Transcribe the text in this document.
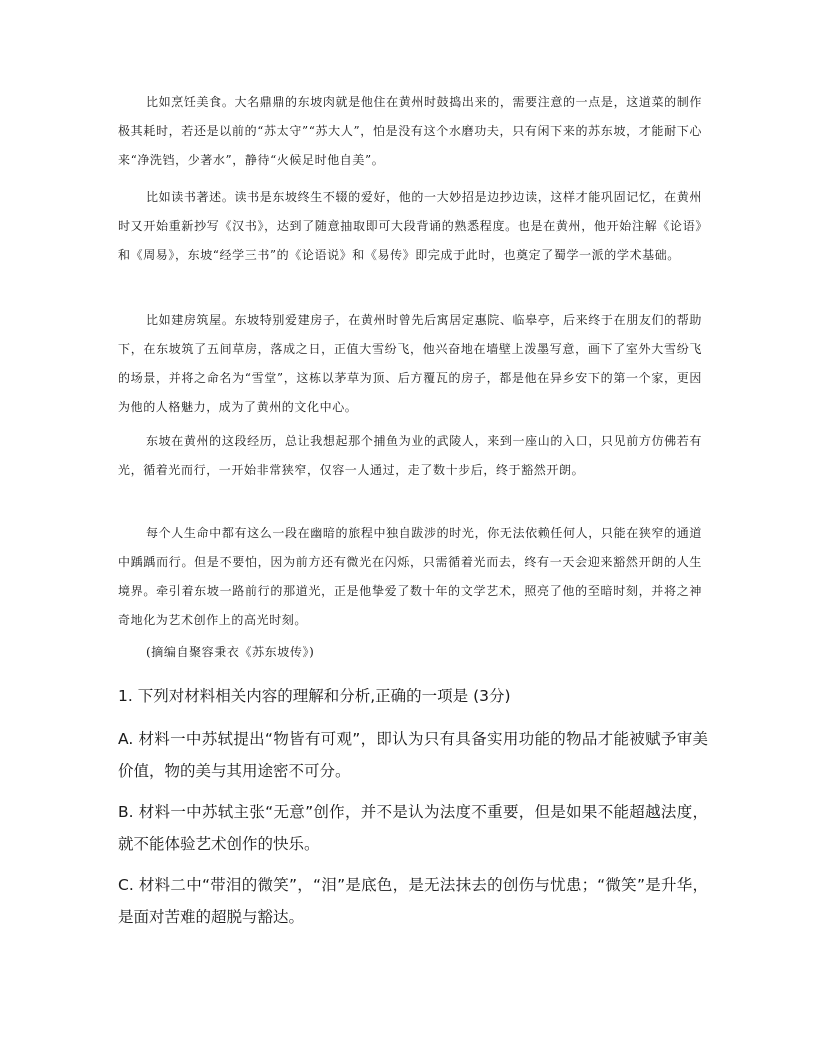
比如烹饪美食。大名鼎鼎的东坡肉就是他住在黄州时鼓捣出来的，需要注意的一点是，这道菜的制作极其耗时，若还是以前的“苏太守”“苏大人”，怕是没有这个水磨功夫，只有闲下来的苏东坡，才能耐下心来“净洗铛，少著水”，静待“火候足时他自美”。

比如读书著述。读书是东坡终生不辍的爱好，他的一大妙招是边抄边读，这样才能巩固记忆，在黄州时又开始重新抄写《汉书》，达到了随意抽取即可大段背诵的熟悉程度。也是在黄州，他开始注解《论语》和《周易》，东坡“经学三书”的《论语说》和《易传》即完成于此时，也奠定了蜀学一派的学术基础。

比如建房筑屋。东坡特别爱建房子，在黄州时曾先后寓居定惠院、临皋亭，后来终于在朋友们的帮助下，在东坡筑了五间草房，落成之日，正值大雪纷飞，他兴奋地在墙壁上泼墨写意，画下了室外大雪纷飞的场景，并将之命名为“雪堂”，这栋以茅草为顶、后方覆瓦的房子，都是他在异乡安下的第一个家，更因为他的人格魅力，成为了黄州的文化中心。

东坡在黄州的这段经历，总让我想起那个捕鱼为业的武陵人，来到一座山的入口，只见前方仿佛若有光，循着光而行，一开始非常狭窄，仅容一人通过，走了数十步后，终于豁然开朗。

每个人生命中都有这么一段在幽暗的旅程中独自跋涉的时光，你无法依赖任何人，只能在狭窄的通道中踽踽而行。但是不要怕，因为前方还有微光在闪烁，只需循着光而去，终有一天会迎来豁然开朗的人生境界。牵引着东坡一路前行的那道光，正是他挚爱了数十年的文学艺术，照亮了他的至暗时刻，并将之神奇地化为艺术创作上的高光时刻。

(摘编自聚容秉衣《苏东坡传》)

1. 下列对材料相关内容的理解和分析,正确的一项是 (3分)

A. 材料一中苏轼提出“物皆有可观”，即认为只有具备实用功能的物品才能被赋予审美价值，物的美与其用途密不可分。

B. 材料一中苏轼主张“无意”创作，并不是认为法度不重要，但是如果不能超越法度，就不能体验艺术创作的快乐。

C. 材料二中“带泪的微笑”，“泪”是底色，是无法抹去的创伤与忧患；“微笑”是升华，是面对苦难的超脱与豁达。
